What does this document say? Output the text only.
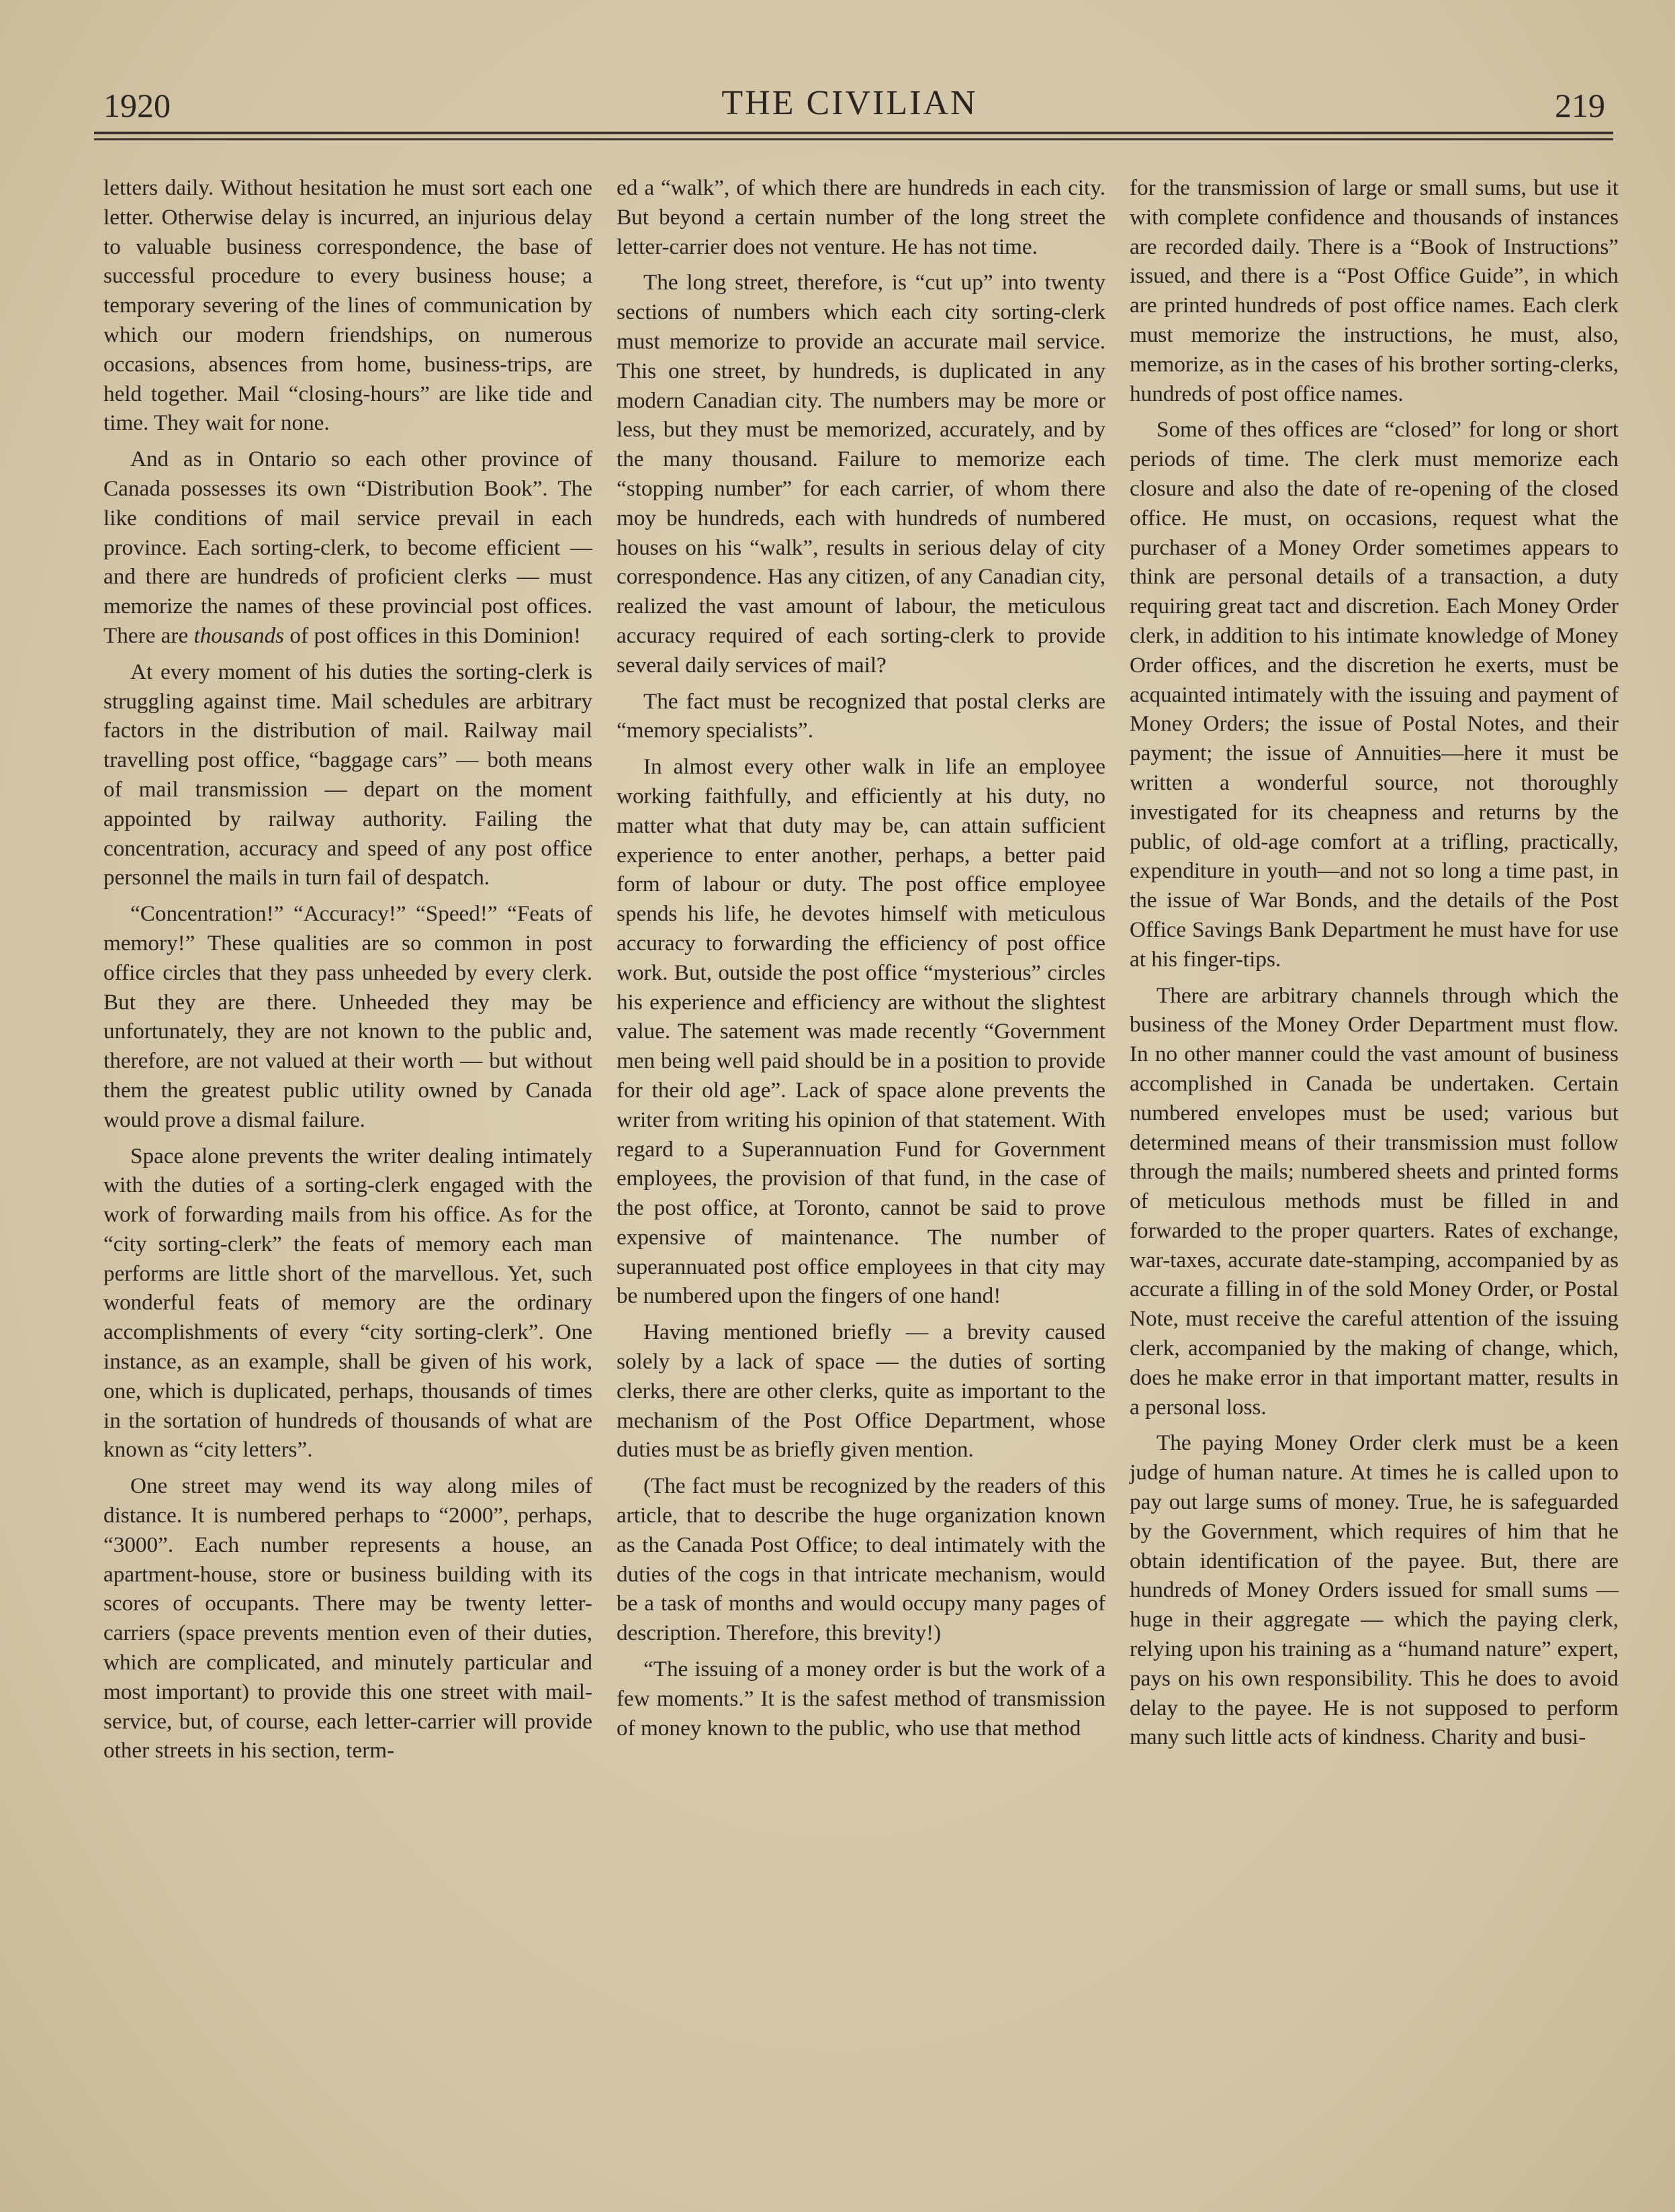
1920	THE CIVILIAN	219

letters daily. Without hesitation he must sort each one letter. Otherwise delay is incurred, an injurious delay to valuable business correspondence, the base of successful procedure to every business house; a temporary severing of the lines of communication by which our modern friendships, on numerous occasions, absences from home, business-trips, are held together. Mail “closing-hours” are like tide and time. They wait for none.

And as in Ontario so each other province of Canada possesses its own “Distribution Book”. The like conditions of mail service prevail in each province. Each sorting-clerk, to become efficient — and there are hundreds of proficient clerks — must memorize the names of these provincial post offices. There are thousands of post offices in this Dominion!

At every moment of his duties the sorting-clerk is struggling against time. Mail schedules are arbitrary factors in the distribution of mail. Railway mail travelling post office, “baggage cars” — both means of mail transmission — depart on the moment appointed by railway authority. Failing the concentration, accuracy and speed of any post office personnel the mails in turn fail of despatch.

“Concentration!” “Accuracy!” “Speed!” “Feats of memory!” These qualities are so common in post office circles that they pass unheeded by every clerk. But they are there. Unheeded they may be unfortunately, they are not known to the public and, therefore, are not valued at their worth — but without them the greatest public utility owned by Canada would prove a dismal failure.

Space alone prevents the writer dealing intimately with the duties of a sorting-clerk engaged with the work of forwarding mails from his office. As for the “city sorting-clerk” the feats of memory each man performs are little short of the marvellous. Yet, such wonderful feats of memory are the ordinary accomplishments of every “city sorting-clerk”. One instance, as an example, shall be given of his work, one, which is duplicated, perhaps, thousands of times in the sortation of hundreds of thousands of what are known as “city letters”.

One street may wend its way along miles of distance. It is numbered perhaps to “2000”, perhaps, “3000”. Each number represents a house, an apartment-house, store or business building with its scores of occupants. There may be twenty letter-carriers (space prevents mention even of their duties, which are complicated, and minutely particular and most important) to provide this one street with mail-service, but, of course, each letter-carrier will provide other streets in his section, term-

ed a “walk”, of which there are hundreds in each city. But beyond a certain number of the long street the letter-carrier does not venture. He has not time.

The long street, therefore, is “cut up” into twenty sections of numbers which each city sorting-clerk must memorize to provide an accurate mail service. This one street, by hundreds, is duplicated in any modern Canadian city. The numbers may be more or less, but they must be memorized, accurately, and by the many thousand. Failure to memorize each “stopping number” for each carrier, of whom there moy be hundreds, each with hundreds of numbered houses on his “walk”, results in serious delay of city correspondence. Has any citizen, of any Canadian city, realized the vast amount of labour, the meticulous accuracy required of each sorting-clerk to provide several daily services of mail?

The fact must be recognized that postal clerks are “memory specialists”.

In almost every other walk in life an employee working faithfully, and efficiently at his duty, no matter what that duty may be, can attain sufficient experience to enter another, perhaps, a better paid form of labour or duty. The post office employee spends his life, he devotes himself with meticulous accuracy to forwarding the efficiency of post office work. But, outside the post office “mysterious” circles his experience and efficiency are without the slightest value. The satement was made recently “Government men being well paid should be in a position to provide for their old age”. Lack of space alone prevents the writer from writing his opinion of that statement. With regard to a Superannuation Fund for Government employees, the provision of that fund, in the case of the post office, at Toronto, cannot be said to prove expensive of maintenance. The number of superannuated post office employees in that city may be numbered upon the fingers of one hand!

Having mentioned briefly — a brevity caused solely by a lack of space — the duties of sorting clerks, there are other clerks, quite as important to the mechanism of the Post Office Department, whose duties must be as briefly given mention.

(The fact must be recognized by the readers of this article, that to describe the huge organization known as the Canada Post Office; to deal intimately with the duties of the cogs in that intricate mechanism, would be a task of months and would occupy many pages of description. Therefore, this brevity!)

“The issuing of a money order is but the work of a few moments.” It is the safest method of transmission of money known to the public, who use that method

for the transmission of large or small sums, but use it with complete confidence and thousands of instances are recorded daily. There is a “Book of Instructions” issued, and there is a “Post Office Guide”, in which are printed hundreds of post office names. Each clerk must memorize the instructions, he must, also, memorize, as in the cases of his brother sorting-clerks, hundreds of post office names.

Some of thes offices are “closed” for long or short periods of time. The clerk must memorize each closure and also the date of re-opening of the closed office. He must, on occasions, request what the purchaser of a Money Order sometimes appears to think are personal details of a transaction, a duty requiring great tact and discretion. Each Money Order clerk, in addition to his intimate knowledge of Money Order offices, and the discretion he exerts, must be acquainted intimately with the issuing and payment of Money Orders; the issue of Postal Notes, and their payment; the issue of Annuities—here it must be written a wonderful source, not thoroughly investigated for its cheapness and returns by the public, of old-age comfort at a trifling, practically, expenditure in youth—and not so long a time past, in the issue of War Bonds, and the details of the Post Office Savings Bank Department he must have for use at his finger-tips.

There are arbitrary channels through which the business of the Money Order Department must flow. In no other manner could the vast amount of business accomplished in Canada be undertaken. Certain numbered envelopes must be used; various but determined means of their transmission must follow through the mails; numbered sheets and printed forms of meticulous methods must be filled in and forwarded to the proper quarters. Rates of exchange, war-taxes, accurate date-stamping, accompanied by as accurate a filling in of the sold Money Order, or Postal Note, must receive the careful attention of the issuing clerk, accompanied by the making of change, which, does he make error in that important matter, results in a personal loss.

The paying Money Order clerk must be a keen judge of human nature. At times he is called upon to pay out large sums of money. True, he is safeguarded by the Government, which requires of him that he obtain identification of the payee. But, there are hundreds of Money Orders issued for small sums — huge in their aggregate — which the paying clerk, relying upon his training as a “humand nature” expert, pays on his own responsibility. This he does to avoid delay to the payee. He is not supposed to perform many such little acts of kindness. Charity and busi-
